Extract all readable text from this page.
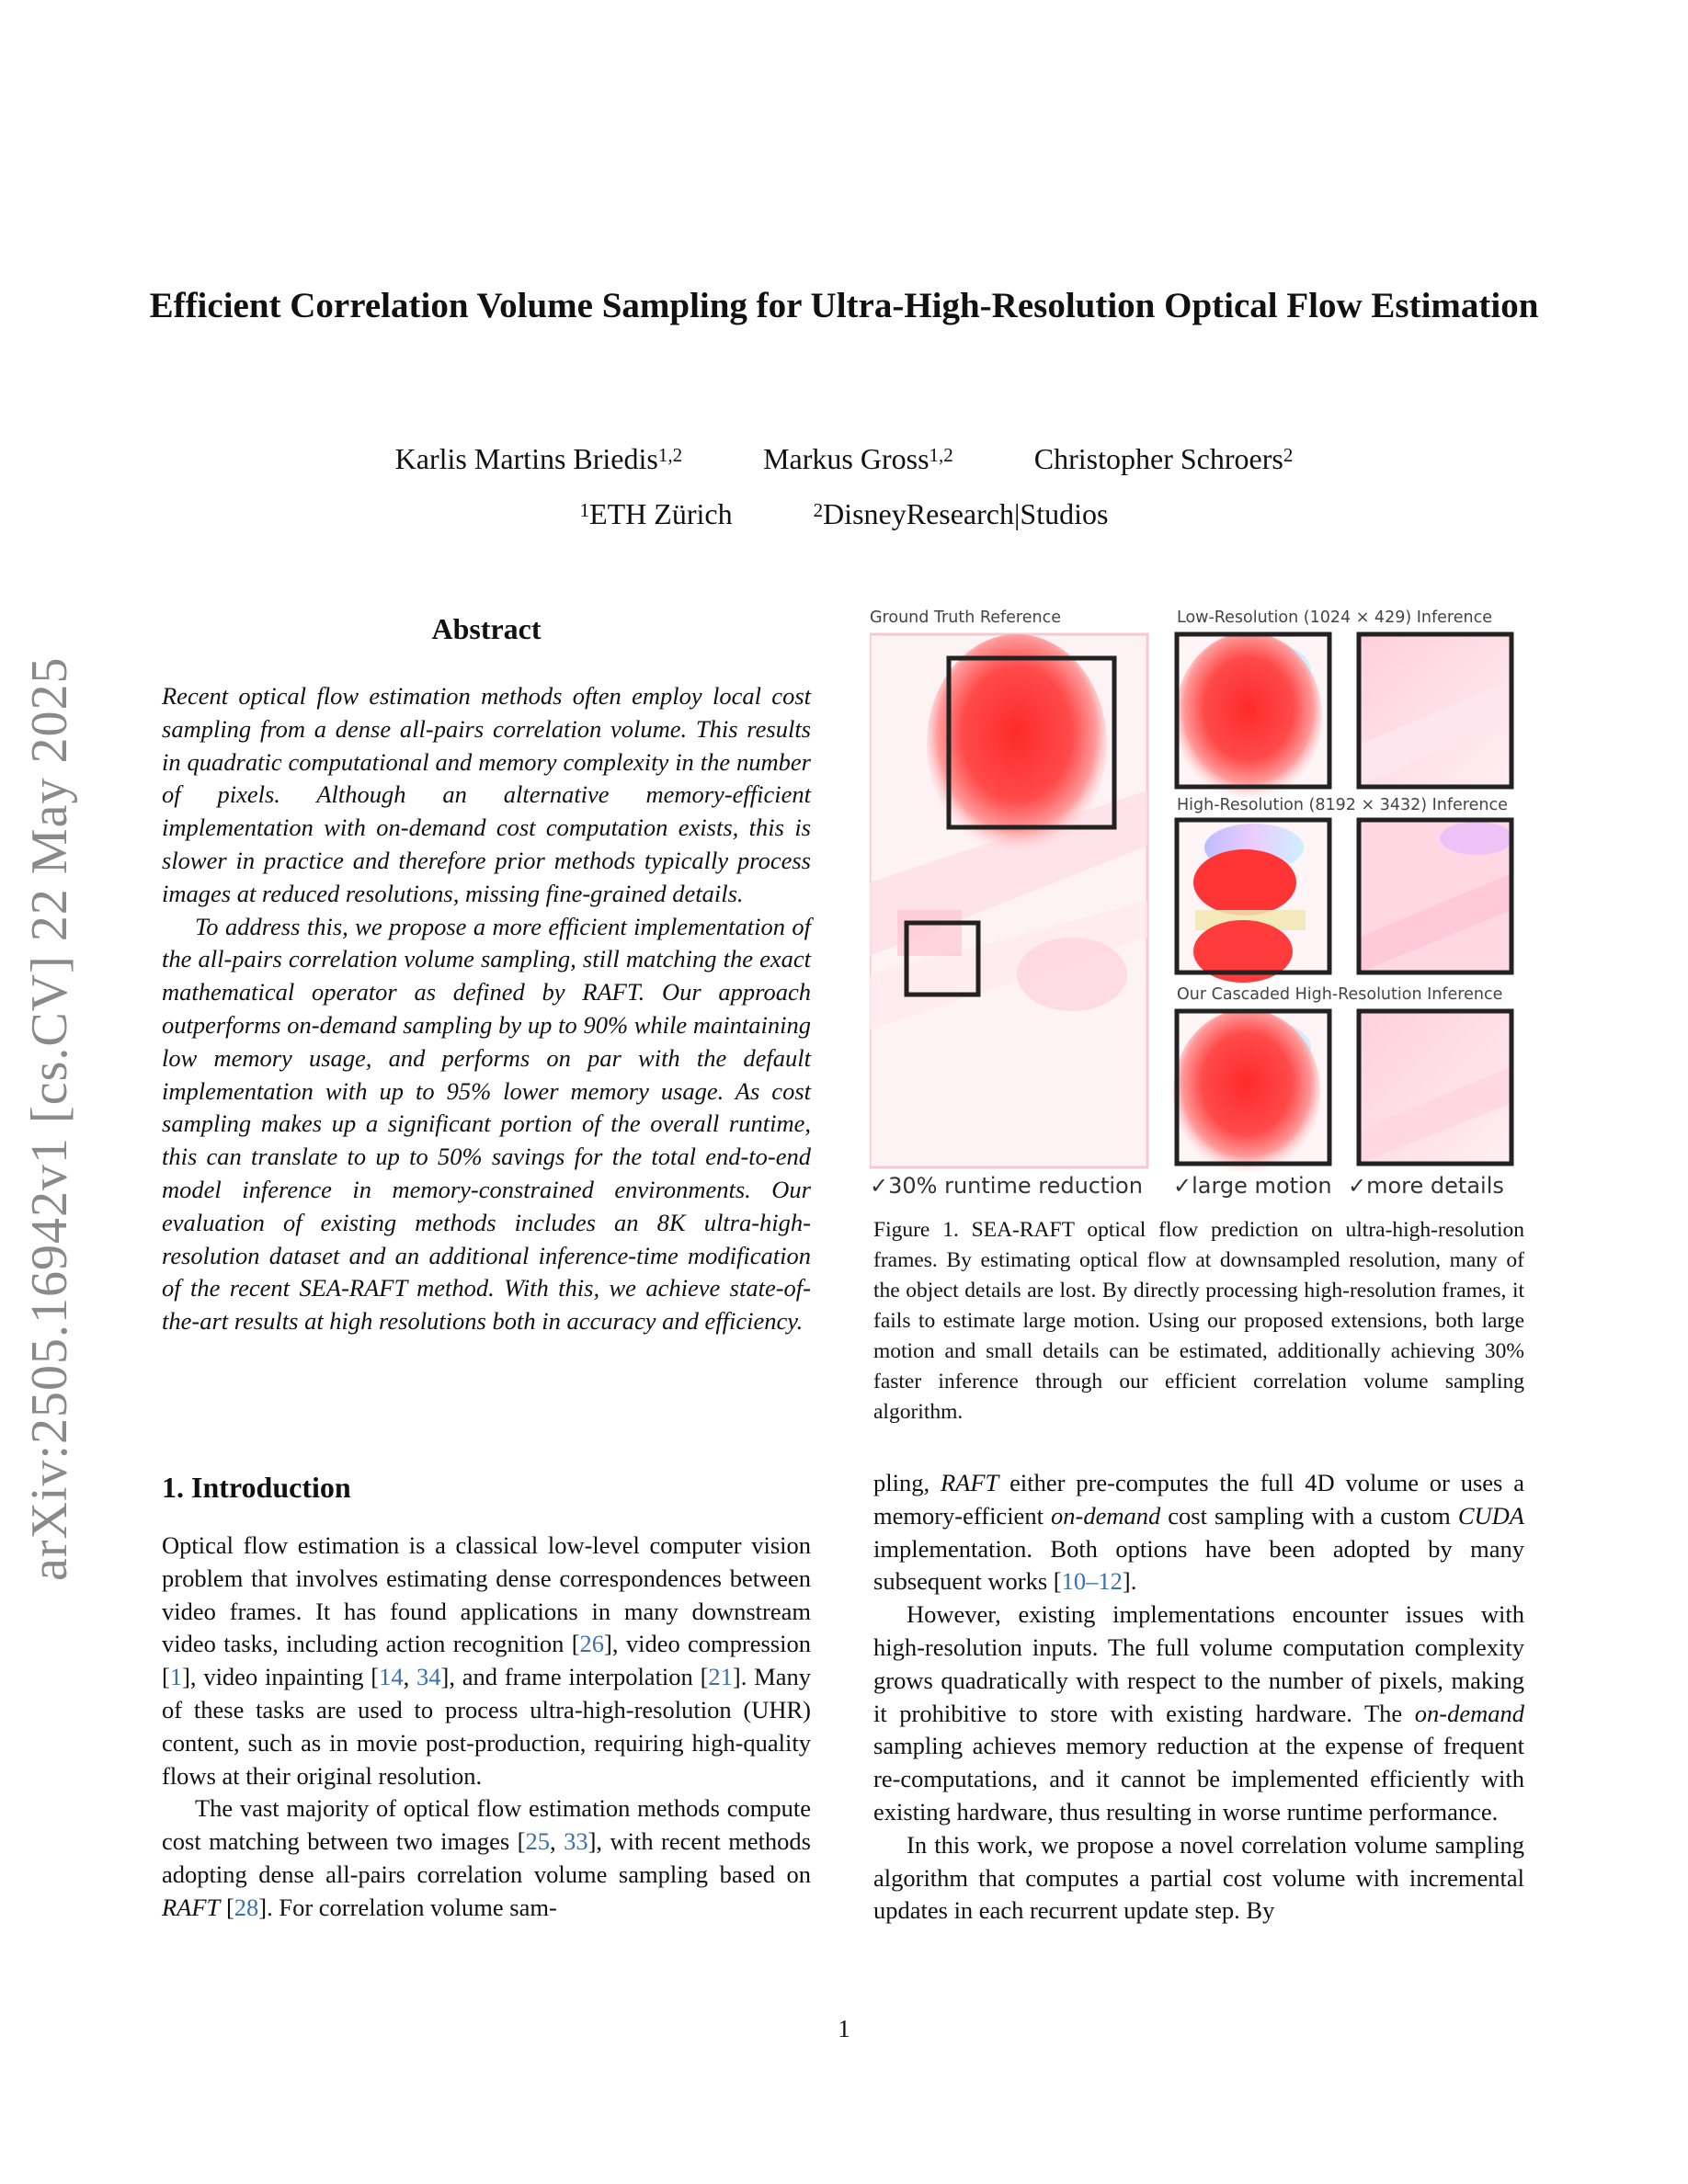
arXiv:2505.16942v1 [cs.CV] 22 May 2025
Efficient Correlation Volume Sampling for Ultra-High-Resolution Optical Flow Estimation
Karlis Martins Briedis$^{1,2}$	Markus Gross$^{1,2}$	Christopher Schroers$^2$
$^1$ETH Zürich	$^2$DisneyResearch|Studios
Abstract

Recent optical flow estimation methods often employ local cost sampling from a dense all-pairs correlation volume. This results in quadratic computational and memory complexity in the number of pixels. Although an alternative memory-efficient implementation with on-demand cost computation exists, this is slower in practice and therefore prior methods typically process images at reduced resolutions, missing fine-grained details.

To address this, we propose a more efficient implementation of the all-pairs correlation volume sampling, still matching the exact mathematical operator as defined by RAFT. Our approach outperforms on-demand sampling by up to 90% while maintaining low memory usage, and performs on par with the default implementation with up to 95% lower memory usage. As cost sampling makes up a significant portion of the overall runtime, this can translate to up to 50% savings for the total end-to-end model inference in memory-constrained environments. Our evaluation of existing methods includes an 8K ultra-high-resolution dataset and an additional inference-time modification of the recent SEA-RAFT method. With this, we achieve state-of-the-art results at high resolutions both in accuracy and efficiency.

Ground Truth Reference	Low-Resolution (1024 × 429) Inference
High-Resolution (8192 × 3432) Inference
Our Cascaded High-Resolution Inference
✓30% runtime reduction ✓large motion ✓more details
Figure 1. SEA-RAFT optical flow prediction on ultra-high-resolution frames. By estimating optical flow at downsampled resolution, many of the object details are lost. By directly processing high-resolution frames, it fails to estimate large motion. Using our proposed extensions, both large motion and small details can be estimated, additionally achieving 30% faster inference through our efficient correlation volume sampling algorithm.
1. Introduction

Optical flow estimation is a classical low-level computer vision problem that involves estimating dense correspondences between video frames. It has found applications in many downstream video tasks, including action recognition [26], video compression [1], video inpainting [14, 34], and frame interpolation [21]. Many of these tasks are used to process ultra-high-resolution (UHR) content, such as in movie post-production, requiring high-quality flows at their original resolution.

The vast majority of optical flow estimation methods compute cost matching between two images [25, 33], with recent methods adopting dense all-pairs correlation volume sampling based on RAFT [28]. For correlation volume sam-

pling, RAFT either pre-computes the full 4D volume or uses a memory-efficient on-demand cost sampling with a custom CUDA implementation. Both options have been adopted by many subsequent works [10–12].

However, existing implementations encounter issues with high-resolution inputs. The full volume computation complexity grows quadratically with respect to the number of pixels, making it prohibitive to store with existing hardware. The on-demand sampling achieves memory reduction at the expense of frequent re-computations, and it cannot be implemented efficiently with existing hardware, thus resulting in worse runtime performance.

In this work, we propose a novel correlation volume sampling algorithm that computes a partial cost volume with incremental updates in each recurrent update step. By

1
